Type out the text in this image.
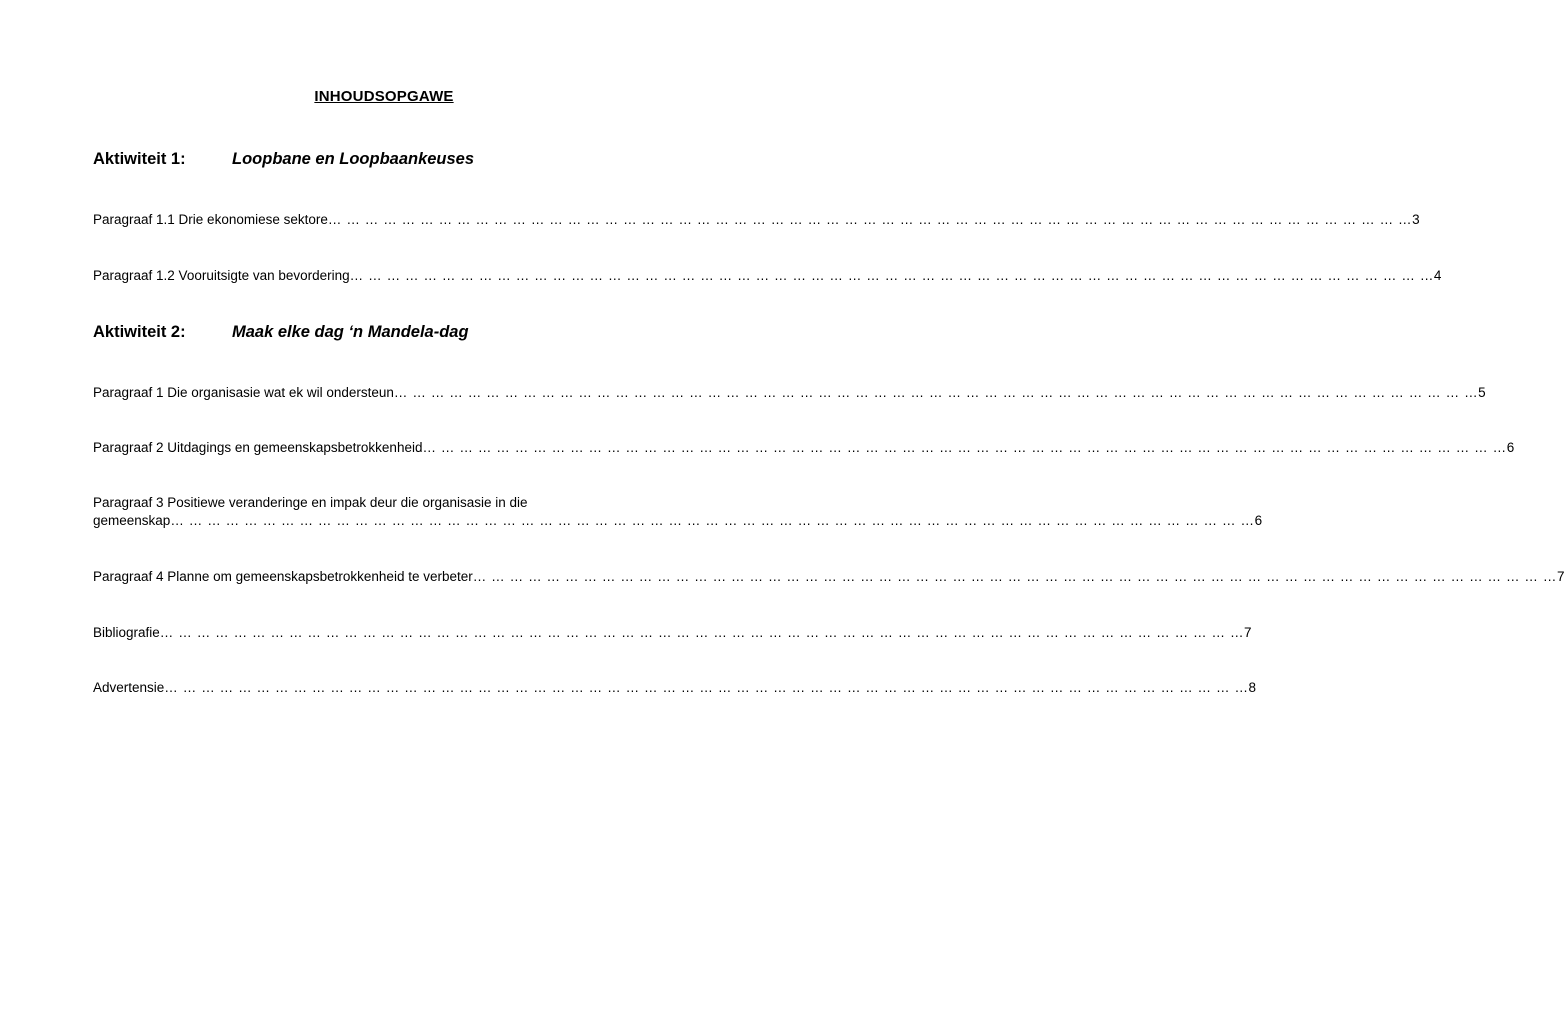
INHOUDSOPGAWE
Aktiwiteit 1:	Loopbane en Loopbaankeuses
Paragraaf 1.1 Drie ekonomiese sektore … … … … … … … … … … … … … … … … … … … … … … … … … … … … … … … … … … … … … … … … … … … … … … … … … … … … … … … … … … … 3
Paragraaf 1.2 Vooruitsigte van bevordering … … … … … … … … … … … … … … … … … … … … … … … … … … … … … … … … … … … … … … … … … … … … … … … … … … … … … … … … … … … 4
Aktiwiteit 2:	Maak elke dag ‘n Mandela-dag
Paragraaf 1 Die organisasie wat ek wil ondersteun … … … … … … … … … … … … … … … … … … … … … … … … … … … … … … … … … … … … … … … … … … … … … … … … … … … … … … … … … … … 5
Paragraaf 2 Uitdagings en gemeenskapsbetrokkenheid … … … … … … … … … … … … … … … … … … … … … … … … … … … … … … … … … … … … … … … … … … … … … … … … … … … … … … … … … … … 6
Paragraaf 3 Positiewe veranderinge en impak deur die organisasie in die
gemeenskap … … … … … … … … … … … … … … … … … … … … … … … … … … … … … … … … … … … … … … … … … … … … … … … … … … … … … … … … … … … 6
Paragraaf 4 Planne om gemeenskapsbetrokkenheid te verbeter … … … … … … … … … … … … … … … … … … … … … … … … … … … … … … … … … … … … … … … … … … … … … … … … … … … … … … … … … … … 7
Bibliografie … … … … … … … … … … … … … … … … … … … … … … … … … … … … … … … … … … … … … … … … … … … … … … … … … … … … … … … … … … … 7
Advertensie … … … … … … … … … … … … … … … … … … … … … … … … … … … … … … … … … … … … … … … … … … … … … … … … … … … … … … … … … … … 8
